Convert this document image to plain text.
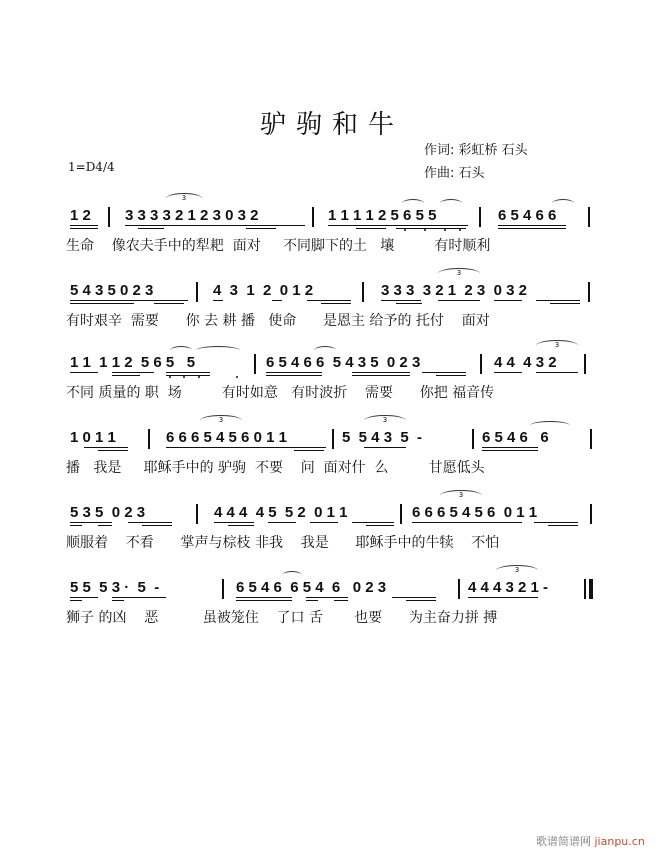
驴驹和牛
作词: 彩虹桥 石头
作曲: 石头
1=D4/4

1 2

3 3 3 3 2 1 2 3 0 3 2

	1 1 1 1 2 5 6 5 5

	6 5 4 6 6

3
生命    像农夫手中的犁耙  面对     不同脚下的土   壤         有时顺利

5 4 3 5 0 2 3

	4  3  1  2  0 1 2

	3 3 3  3 2 1  2 3  0 3 2

3
有时艰辛  需要      你 去 耕 播   使命      是恩主 给予的 托付    面对

1 1  1 1 2  5 6 5   5

	6 5 4 6 6  5 4 3 5  0 2 3

	4 4  4 3 2

3
不同 质量的 职  场         有时如意   有时波折    需要      你把 福音传

1 0 1 1

	6 6 6 5 4 5 6 0 1 1

	5  5 4 3  5  -

	6 5 4 6   6

3	3
播   我是     耶稣手中的 驴驹  不要    问  面对什  么         甘愿低头

5 3 5  0 2 3

	4 4 4  4 5  5 2  0 1 1

	6 6 6 5 4 5 6  0 1 1

3
顺服着    不看      掌声与棕枝 非我    我是      耶稣手中的牛犊    不怕

5 5  5 3 ·  5  -

	6 5 4 6  6 5 4  6   0 2 3

	4 4 4 3 2 1 -

3
狮子 的凶    恶          虽被笼住    了口 舌       也要      为主奋力拼 搏
歌谱简谱网 jianpu.cn
